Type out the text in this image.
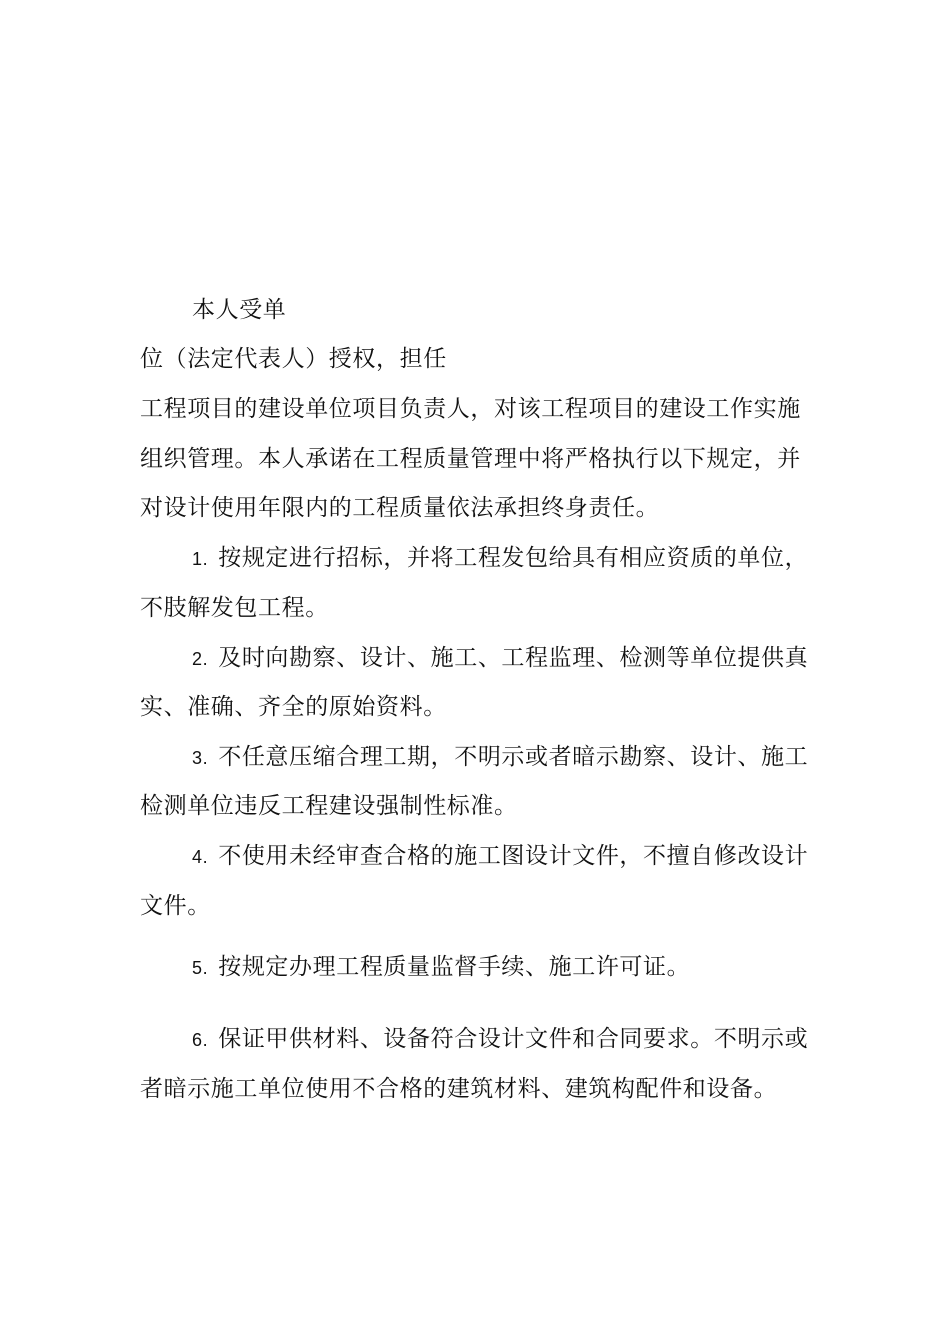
本人受单
位（法定代表人）授权，担任
工程项目的建设单位项目负责人，对该工程项目的建设工作实施
组织管理。本人承诺在工程质量管理中将严格执行以下规定，并
对设计使用年限内的工程质量依法承担终身责任。
1. 按规定进行招标，并将工程发包给具有相应资质的单位，
不肢解发包工程。
2. 及时向勘察、设计、施工、工程监理、检测等单位提供真
实、准确、齐全的原始资料。
3. 不任意压缩合理工期，不明示或者暗示勘察、设计、施工
检测单位违反工程建设强制性标准。
4. 不使用未经审查合格的施工图设计文件，不擅自修改设计
文件。
5. 按规定办理工程质量监督手续、施工许可证。
6. 保证甲供材料、设备符合设计文件和合同要求。不明示或
者暗示施工单位使用不合格的建筑材料、建筑构配件和设备。
